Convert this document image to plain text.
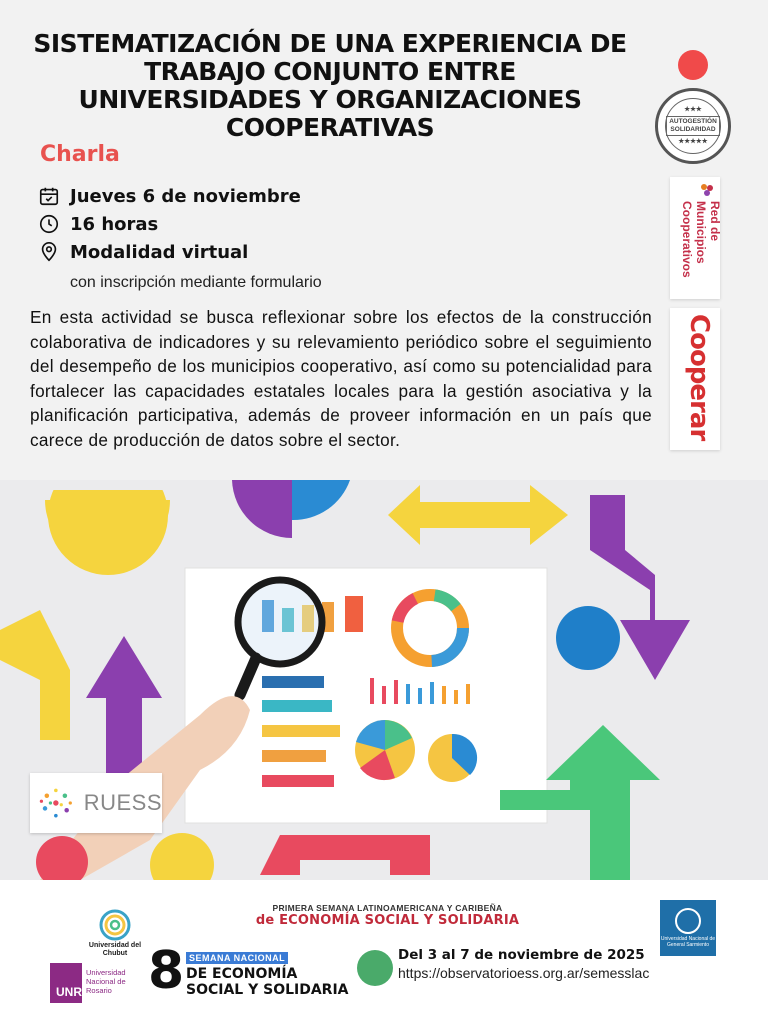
SISTEMATIZACIÓN DE UNA EXPERIENCIA DE TRABAJO CONJUNTO ENTRE UNIVERSIDADES Y ORGANIZACIONES COOPERATIVAS
Charla
Jueves 6 de noviembre
16 horas
Modalidad virtual
con inscripción mediante formulario

En esta actividad se busca reflexionar sobre los efectos de la construcción colaborativa de indicadores y su relevamiento periódico sobre el seguimiento del desempeño de los municipios cooperativo, así como su potencialidad para fortalecer las capacidades estatales locales para la gestión asociativa y la planificación participativa, además de proveer información en un país que carece de producción de datos sobre el sector.

★★★
AUTOGESTIÓN
SOLIDARIDAD
★★★★★
Red de Municipios
Cooperativos
Cooperar
RUESS
Universidad del Chubut
UNR
Universidad Nacional de Rosario
PRIMERA SEMANA LATINOAMERICANA Y CARIBEÑA
de ECONOMÍA SOCIAL Y SOLIDARIA
8 SEMANA NACIONAL
DE ECONOMÍA
SOCIAL Y SOLIDARIA
Del 3 al 7 de noviembre de 2025
https://observatorioess.org.ar/semesslac
Universidad Nacional de General Sarmiento
